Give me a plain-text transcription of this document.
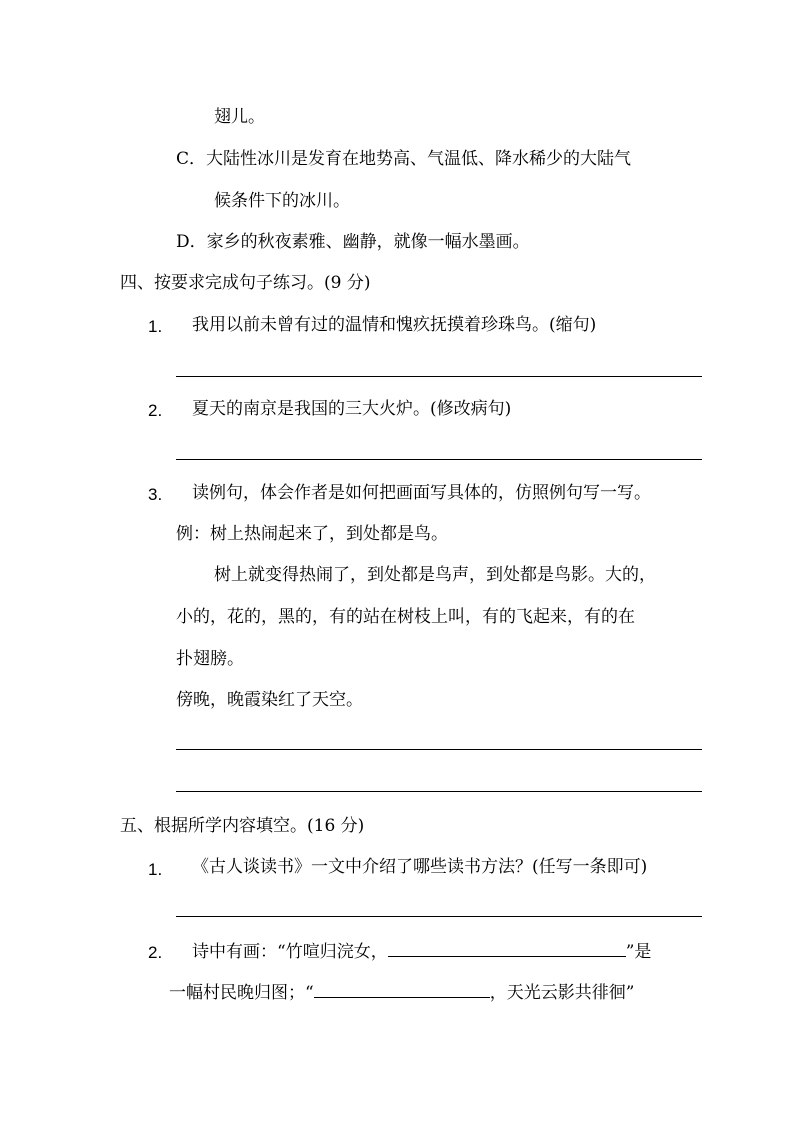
翅儿。
C．大陆性冰川是发育在地势高、气温低、降水稀少的大陆气
候条件下的冰川。
D．家乡的秋夜素雅、幽静，就像一幅水墨画。
四、按要求完成句子练习。(9 分)
1. 我用以前未曾有过的温情和愧疚抚摸着珍珠鸟。(缩句)
2. 夏天的南京是我国的三大火炉。(修改病句)
3. 读例句，体会作者是如何把画面写具体的，仿照例句写一写。
例：树上热闹起来了，到处都是鸟。
树上就变得热闹了，到处都是鸟声，到处都是鸟影。大的，
小的，花的，黑的，有的站在树枝上叫，有的飞起来，有的在
扑翅膀。
傍晚，晚霞染红了天空。
五、根据所学内容填空。(16 分)
1. 《古人谈读书》一文中介绍了哪些读书方法？(任写一条即可)
2. 诗中有画：“竹喧归浣女，	”是
一幅村民晚归图；“	，天光云影共徘徊”
